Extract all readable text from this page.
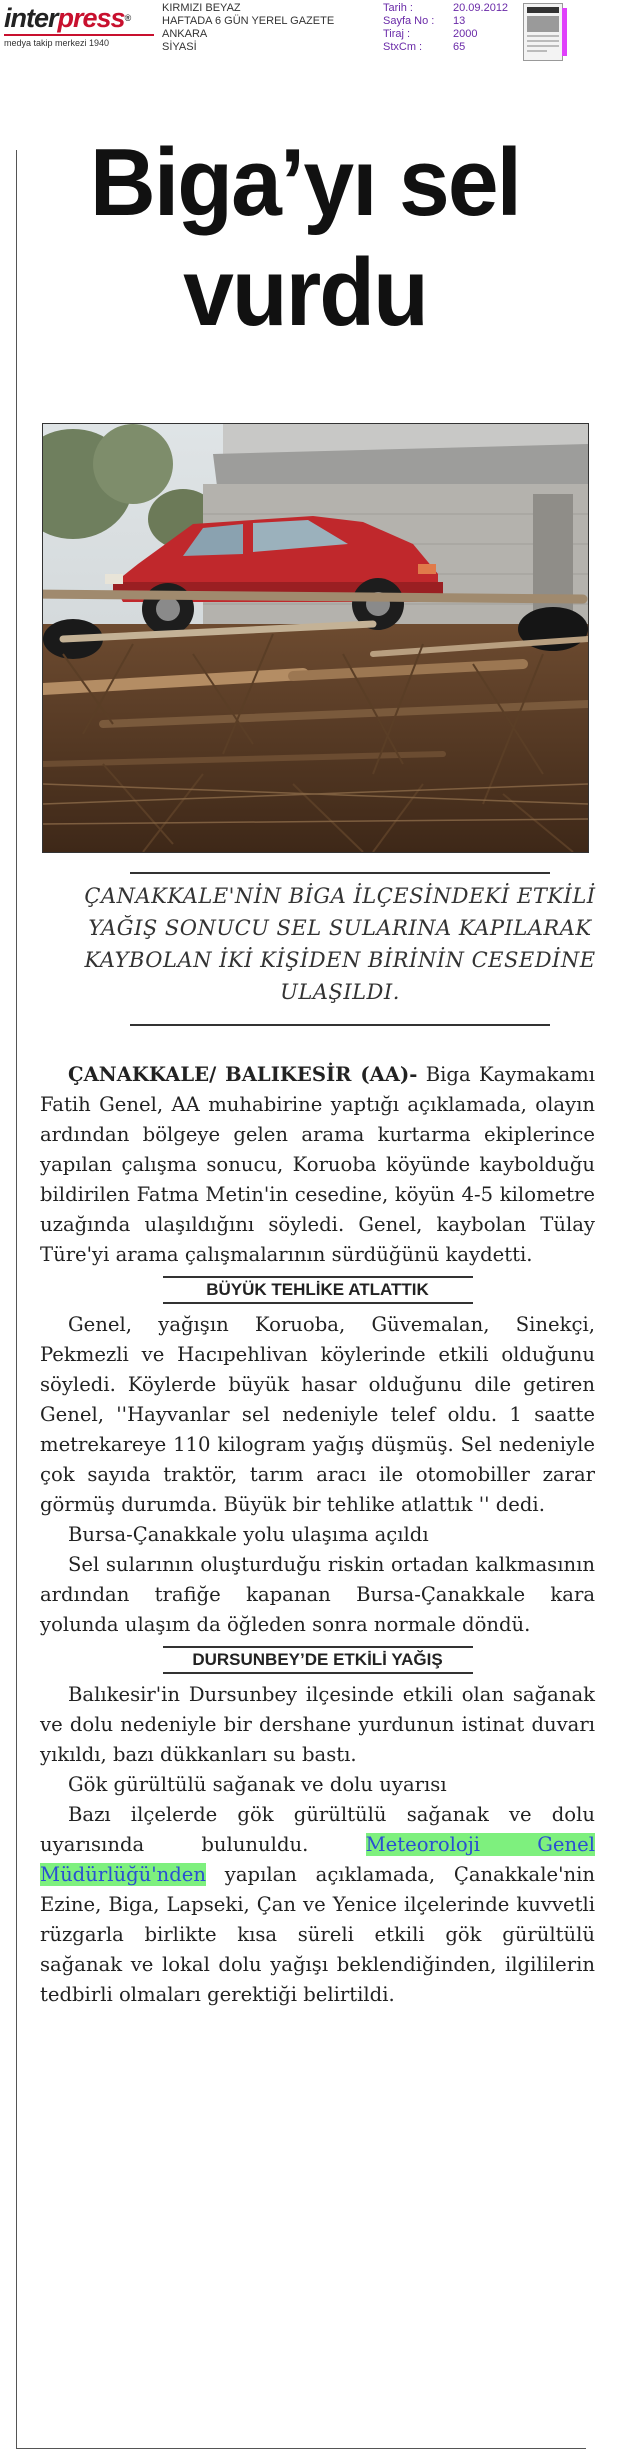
interpress®
medya takip merkezi 1940
KIRMIZI BEYAZ
HAFTADA 6 GÜN YEREL GAZETE
ANKARA
SİYASİ
Tarih :	20.09.2012
Sayfa No :	13
Tiraj :	2000
StxCm :	65
Biga’yı sel vurdu

ÇANAKKALE'NİN BİGA İLÇESİNDEKİ ETKİLİ YAĞIŞ SONUCU SEL SULARINA KAPILARAK KAYBOLAN İKİ KİŞİDEN BİRİNİN CESEDİNE ULAŞILDI.

ÇANAKKALE/ BALIKESİR (AA)- Biga Kaymakamı Fatih Genel, AA muhabirine yaptığı açıklamada, olayın ardından bölgeye gelen arama kurtarma ekiplerince yapılan çalışma sonucu, Koruoba köyünde kaybolduğu bildirilen Fatma Metin'in cesedine, köyün 4-5 kilometre uzağında ulaşıldığını söyledi. Genel, kaybolan Tülay Türe'yi arama çalışmalarının sürdüğünü kaydetti.

BÜYÜK TEHLİKE ATLATTIK

Genel, yağışın Koruoba, Güvemalan, Sinekçi, Pekmezli ve Hacıpehlivan köylerinde etkili olduğunu söyledi. Köylerde büyük hasar olduğunu dile getiren Genel, ''Hayvanlar sel nedeniyle telef oldu. 1 saatte metrekareye 110 kilogram yağış düşmüş. Sel nedeniyle çok sayıda traktör, tarım aracı ile otomobiller zarar görmüş durumda. Büyük bir tehlike atlattık '' dedi.

Bursa-Çanakkale yolu ulaşıma açıldı

Sel sularının oluşturduğu riskin ortadan kalkmasının ardından trafiğe kapanan Bursa-Çanakkale kara yolunda ulaşım da öğleden sonra normale döndü.

DURSUNBEY’DE ETKİLİ YAĞIŞ

Balıkesir'in Dursunbey ilçesinde etkili olan sağanak ve dolu nedeniyle bir dershane yurdunun istinat duvarı yıkıldı, bazı dükkanları su bastı.

Gök gürültülü sağanak ve dolu uyarısı

Bazı ilçelerde gök gürültülü sağanak ve dolu uyarısında bulunuldu. Meteoroloji Genel Müdürlüğü'nden yapılan açıklamada, Çanakkale'nin Ezine, Biga, Lapseki, Çan ve Yenice ilçelerinde kuvvetli rüzgarla birlikte kısa süreli etkili gök gürültülü sağanak ve lokal dolu yağışı beklendiğinden, ilgililerin tedbirli olmaları gerektiği belirtildi.
